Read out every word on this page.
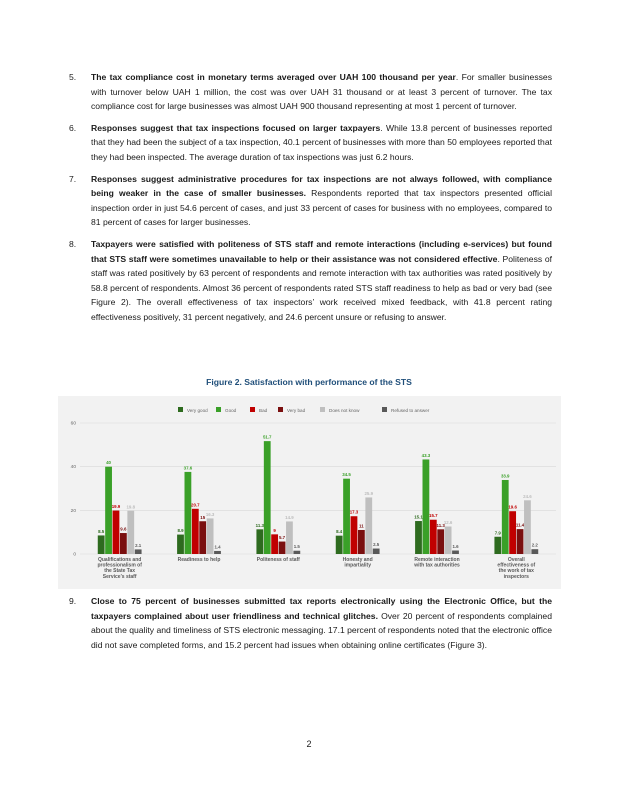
5. The tax compliance cost in monetary terms averaged over UAH 100 thousand per year. For smaller businesses with turnover below UAH 1 million, the cost was over UAH 31 thousand or at least 3 percent of turnover. The tax compliance cost for large businesses was almost UAH 900 thousand representing at most 1 percent of turnover.
6. Responses suggest that tax inspections focused on larger taxpayers. While 13.8 percent of businesses reported that they had been the subject of a tax inspection, 40.1 percent of businesses with more than 50 employees reported that they had been inspected. The average duration of tax inspections was just 6.2 hours.
7. Responses suggest administrative procedures for tax inspections are not always followed, with compliance being weaker in the case of smaller businesses. Respondents reported that tax inspectors presented official inspection order in just 54.6 percent of cases, and just 33 percent of cases for business with no employees, compared to 81 percent of cases for larger businesses.
8. Taxpayers were satisfied with politeness of STS staff and remote interactions (including e-services) but found that STS staff were sometimes unavailable to help or their assistance was not considered effective. Politeness of staff was rated positively by 63 percent of respondents and remote interaction with tax authorities was rated positively by 58.8 percent of respondents. Almost 36 percent of respondents rated STS staff readiness to help as bad or very bad (see Figure 2). The overall effectiveness of tax inspectors’ work received mixed feedback, with 41.8 percent rating effectiveness positively, 31 percent negatively, and 24.6 percent unsure or refusing to answer.
Figure 2. Satisfaction with performance of the STS
Very good	Good	Bad	Very bad	Does not know	Refused to answer
0
20
40
60
8.5
40
19.9
9.6
19.8
2.1
Qualifications and
professionalism of
the State Tax
Service's staff
8.9
37.6
20.7
15
16.3
1.4
Readiness to help
11.3
51.7
9
5.7
14.9
1.5
Politeness of staff
8.4
34.5
17.3
11
25.9
2.5
Honesty and
impartiality
15.1
43.3
15.7
11.3
12.6
1.6
Remote interaction
with tax authorities
7.9
33.9
19.6
11.4
24.6
2.2
Overall
effectiveness of
the work of tax
inspectors
9. Close to 75 percent of businesses submitted tax reports electronically using the Electronic Office, but the taxpayers complained about user friendliness and technical glitches. Over 20 percent of respondents complained about the quality and timeliness of STS electronic messaging. 17.1 percent of respondents noted that the electronic office did not save completed forms, and 15.2 percent had issues when obtaining online certificates (Figure 3).
2
